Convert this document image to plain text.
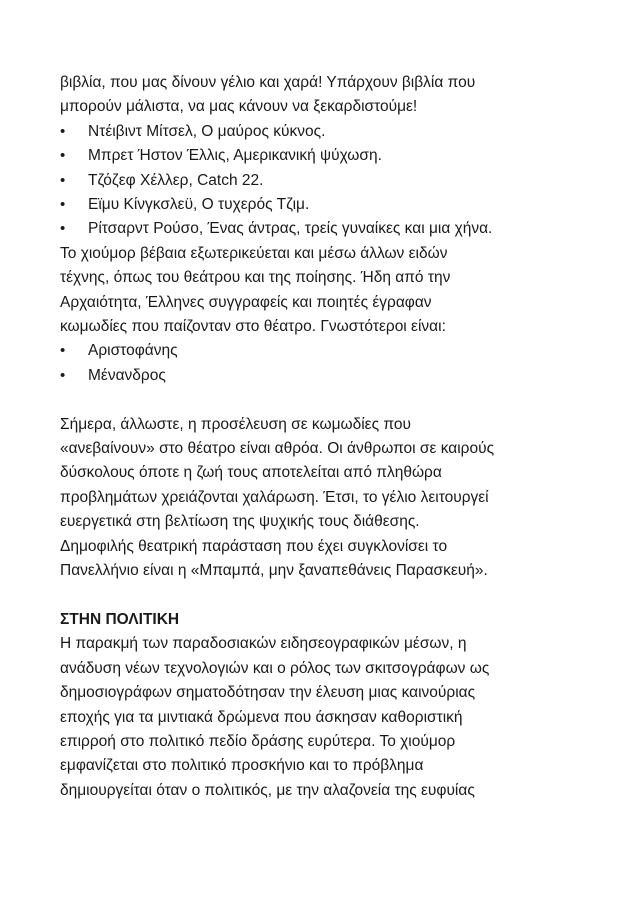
βιβλία, που μας δίνουν γέλιο και χαρά! Υπάρχουν βιβλία που

μπορούν μάλιστα, να μας κάνουν να ξεκαρδιστούμε!

•	Ντέιβιντ Μίτσελ, Ο μαύρος κύκνος.
•	Μπρετ Ήστον Έλλις, Αμερικανική ψύχωση.
•	Τζόζεφ Χέλλερ, Catch 22.
•	Εϊμυ Κίνγκσλεϋ, Ο τυχερός Τζιμ.
•	Ρίτσαρντ Ρούσο, Ένας άντρας, τρείς γυναίκες και μια χήνα.

Το χιούμορ βέβαια εξωτερικεύεται και μέσω άλλων ειδών

τέχνης, όπως του θεάτρου και της ποίησης. Ήδη από την

Αρχαιότητα, Έλληνες συγγραφείς και ποιητές έγραφαν

κωμωδίες που παίζονταν στο θέατρο. Γνωστότεροι είναι:

•	Αριστοφάνης
•	Μένανδρος

Σήμερα, άλλωστε, η προσέλευση σε κωμωδίες που

«ανεβαίνουν» στο θέατρο είναι αθρόα. Οι άνθρωποι σε καιρούς

δύσκολους όποτε η ζωή τους αποτελείται από πληθώρα

προβλημάτων χρειάζονται χαλάρωση. Έτσι, το γέλιο λειτουργεί

ευεργετικά στη βελτίωση της ψυχικής τους διάθεσης.

Δημοφιλής θεατρική παράσταση που έχει συγκλονίσει το

Πανελλήνιο είναι η «Μπαμπά, μην ξαναπεθάνεις Παρασκευή».

ΣΤΗΝ ΠΟΛΙΤΙΚΗ

Η παρακμή των παραδοσιακών ειδησεογραφικών μέσων, η

ανάδυση νέων τεχνολογιών και ο ρόλος των σκιτσογράφων ως

δημοσιογράφων σηματοδότησαν την έλευση μιας καινούριας

εποχής για τα μιντιακά δρώμενα που άσκησαν καθοριστική

επιρροή στο πολιτικό πεδίο δράσης ευρύτερα. Το χιούμορ

εμφανίζεται στο πολιτικό προσκήνιο και το πρόβλημα

δημιουργείται όταν ο πολιτικός, με την αλαζονεία της ευφυίας
